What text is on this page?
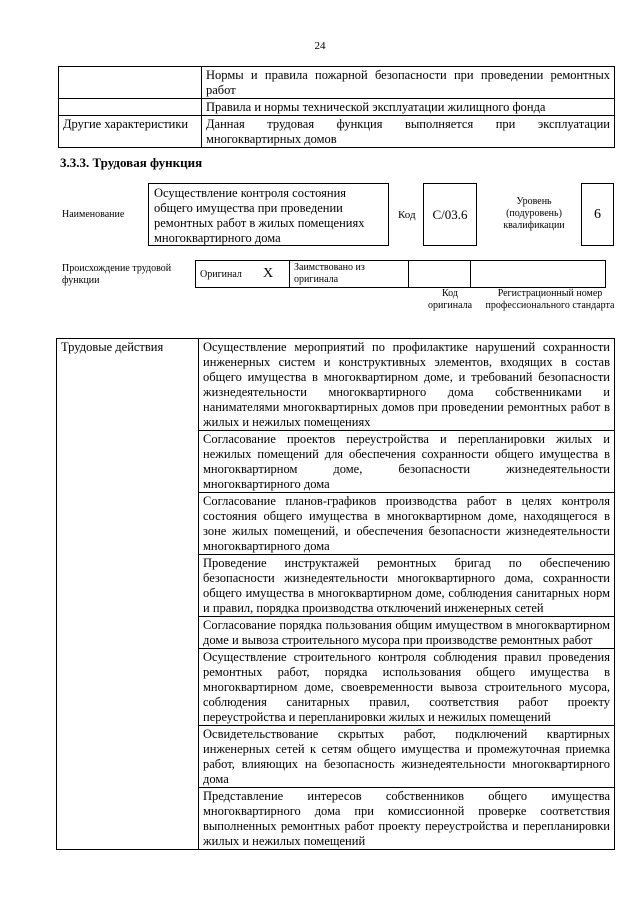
24
	Нормы и правила пожарной безопасности при проведении ремонтных работ
	Правила и нормы технической эксплуатации жилищного фонда
Другие характеристики	Данная трудовая функция выполняется при эксплуатации многоквартирных домов
3.3.3. Трудовая функция
Наименование
Осуществление контроля состояния общего имущества при проведении ремонтных работ в жилых помещениях многоквартирного дома
Код	С/03.6
Уровень (подуровень) квалификации
6
Происхождение трудовой функции
Оригинал	X	Заимствовано из оригинала		
Код оригинала
Регистрационный номер профессионального стандарта
Трудовые действия	Осуществление мероприятий по профилактике нарушений сохранности инженерных систем и конструктивных элементов, входящих в состав общего имущества в многоквартирном доме, и требований безопасности жизнедеятельности многоквартирного дома собственниками и нанимателями многоквартирных домов при проведении ремонтных работ в жилых и нежилых помещениях
Согласование проектов переустройства и перепланировки жилых и нежилых помещений для обеспечения сохранности общего имущества в многоквартирном доме, безопасности жизнедеятельности многоквартирного дома
Согласование планов-графиков производства работ в целях контроля состояния общего имущества в многоквартирном доме, находящегося в зоне жилых помещений, и обеспечения безопасности жизнедеятельности многоквартирного дома
Проведение инструктажей ремонтных бригад по обеспечению безопасности жизнедеятельности многоквартирного дома, сохранности общего имущества в многоквартирном доме, соблюдения санитарных норм и правил, порядка производства отключений инженерных сетей
Согласование порядка пользования общим имуществом в многоквартирном доме и вывоза строительного мусора при производстве ремонтных работ
Осуществление строительного контроля соблюдения правил проведения ремонтных работ, порядка использования общего имущества в многоквартирном доме, своевременности вывоза строительного мусора, соблюдения санитарных правил, соответствия работ проекту переустройства и перепланировки жилых и нежилых помещений
Освидетельствование скрытых работ, подключений квартирных инженерных сетей к сетям общего имущества и промежуточная приемка работ, влияющих на безопасность жизнедеятельности многоквартирного дома
Представление интересов собственников общего имущества многоквартирного дома при комиссионной проверке соответствия выполненных ремонтных работ проекту переустройства и перепланировки жилых и нежилых помещений
